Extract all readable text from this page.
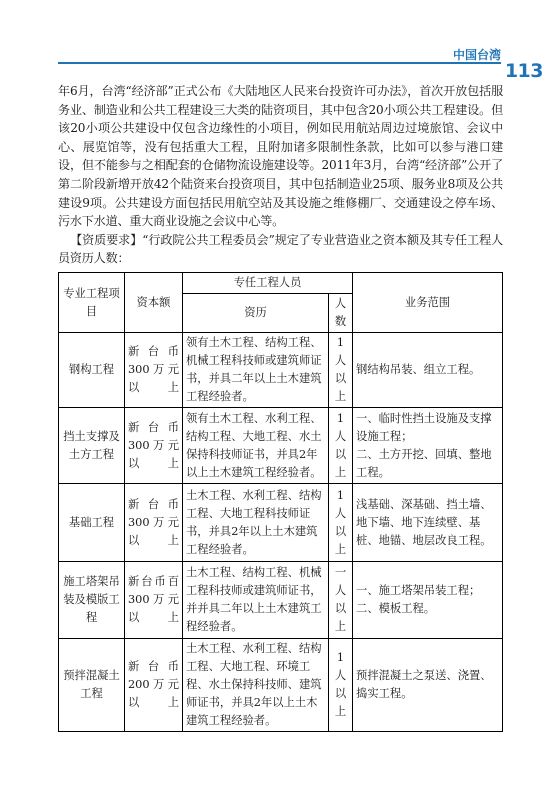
中国台湾
113

年6月，台湾“经济部”正式公布《大陆地区人民来台投资许可办法》，首次开放包括服务业、制造业和公共工程建设三大类的陆资项目，其中包含20小项公共工程建设。但该20小项公共建设中仅包含边缘性的小项目，例如民用航站周边过境旅馆、会议中心、展览馆等，没有包括重大工程，且附加诸多限制性条款，比如可以参与港口建设，但不能参与之相配套的仓储物流设施建设等。2011年3月，台湾“经济部”公开了第二阶段新增开放42个陆资来台投资项目，其中包括制造业25项、服务业8项及公共建设9项。公共建设方面包括民用航空站及其设施之维修棚厂、交通建设之停车场、污水下水道、重大商业设施之会议中心等。

【资质要求】“行政院公共工程委员会”规定了专业营造业之资本额及其专任工程人员资历人数：

专业工程项目	资本额	专任工程人员		业务范围
		资历	人数	
钢构工程	新台币300万元以上	领有土木工程、结构工程、机械工程科技师或建筑师证书，并具二年以上土木建筑工程经验者。	1人以上	钢结构吊装、组立工程。
挡土支撑及土方工程	新台币300万元以上	领有土木工程、水利工程、结构工程、大地工程、水土保持科技师证书，并具2年以上土木建筑工程经验者。	1人以上	一、临时性挡土设施及支撑设施工程；
二、土方开挖、回填、整地工程。
基础工程	新台币300万元以上	土木工程、水利工程、结构工程、大地工程科技师证书，并具2年以上土木建筑工程经验者。	1人以上	浅基础、深基础、挡土墙、地下墙、地下连续壁、基桩、地锚、地层改良工程。
施工塔架吊装及模版工程	新台币百300万元以上	土木工程、结构工程、机械工程科技师或建筑师证书，并并具二年以上土木建筑工程经验者。	一人以上	一、施工塔架吊装工程；
二、模板工程。
预拌混凝土工程	新台币200万元以上	土木工程、水利工程、结构工程、大地工程、环境工程、水土保持科技师、建筑师证书，并具2年以上土木建筑工程经验者。	1人以上	预拌混凝土之泵送、浇置、捣实工程。
